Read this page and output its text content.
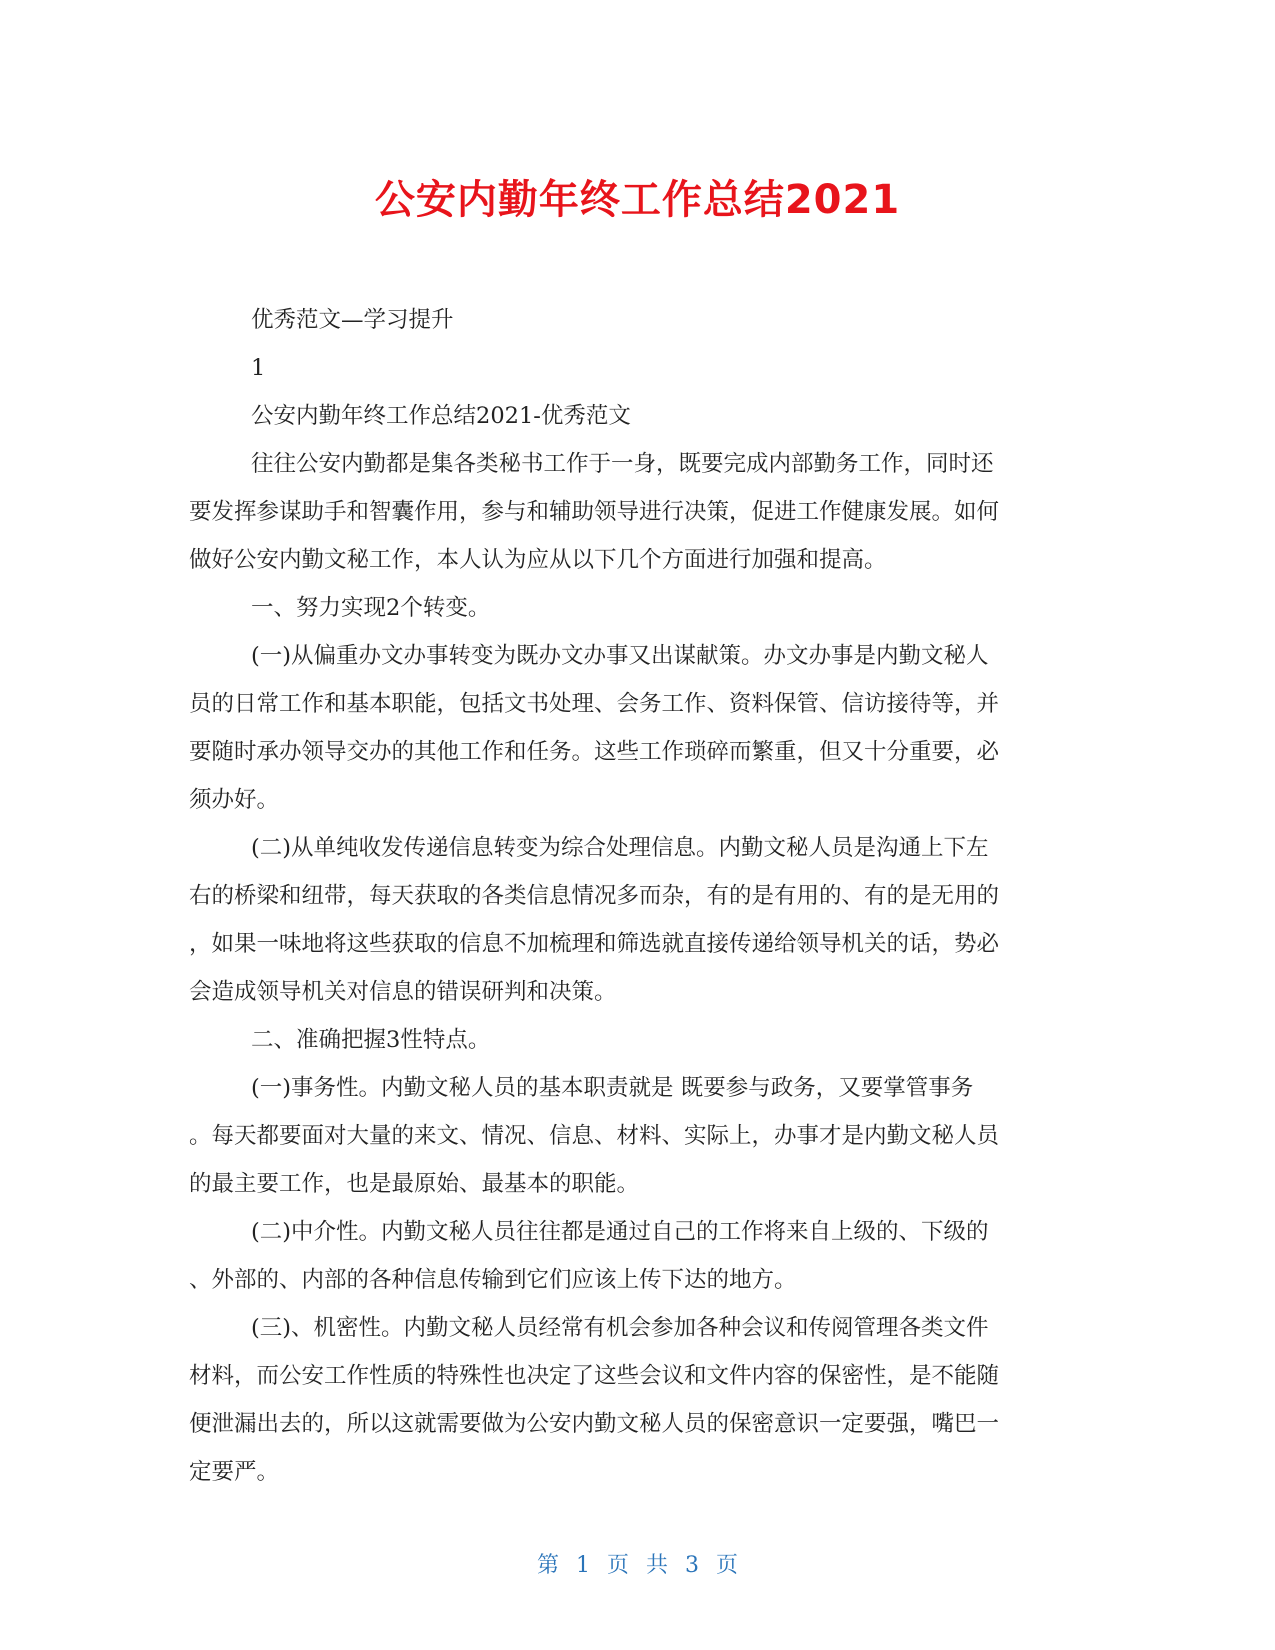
公安内勤年终工作总结2021
优秀范文—学习提升
1
公安内勤年终工作总结2021-优秀范文
往往公安内勤都是集各类秘书工作于一身，既要完成内部勤务工作，同时还
要发挥参谋助手和智囊作用，参与和辅助领导进行决策，促进工作健康发展。如何
做好公安内勤文秘工作，本人认为应从以下几个方面进行加强和提高。
一、努力实现2个转变。
(一)从偏重办文办事转变为既办文办事又出谋献策。办文办事是内勤文秘人
员的日常工作和基本职能，包括文书处理、会务工作、资料保管、信访接待等，并
要随时承办领导交办的其他工作和任务。这些工作琐碎而繁重，但又十分重要，必
须办好。
(二)从单纯收发传递信息转变为综合处理信息。内勤文秘人员是沟通上下左
右的桥梁和纽带，每天获取的各类信息情况多而杂，有的是有用的、有的是无用的
，如果一味地将这些获取的信息不加梳理和筛选就直接传递给领导机关的话，势必
会造成领导机关对信息的错误研判和决策。
二、准确把握3性特点。
(一)事务性。内勤文秘人员的基本职责就是 既要参与政务，又要掌管事务
。每天都要面对大量的来文、情况、信息、材料、实际上，办事才是内勤文秘人员
的最主要工作，也是最原始、最基本的职能。
(二)中介性。内勤文秘人员往往都是通过自己的工作将来自上级的、下级的
、外部的、内部的各种信息传输到它们应该上传下达的地方。
(三)、机密性。内勤文秘人员经常有机会参加各种会议和传阅管理各类文件
材料，而公安工作性质的特殊性也决定了这些会议和文件内容的保密性，是不能随
便泄漏出去的，所以这就需要做为公安内勤文秘人员的保密意识一定要强，嘴巴一
定要严。
第 1 页 共 3 页
